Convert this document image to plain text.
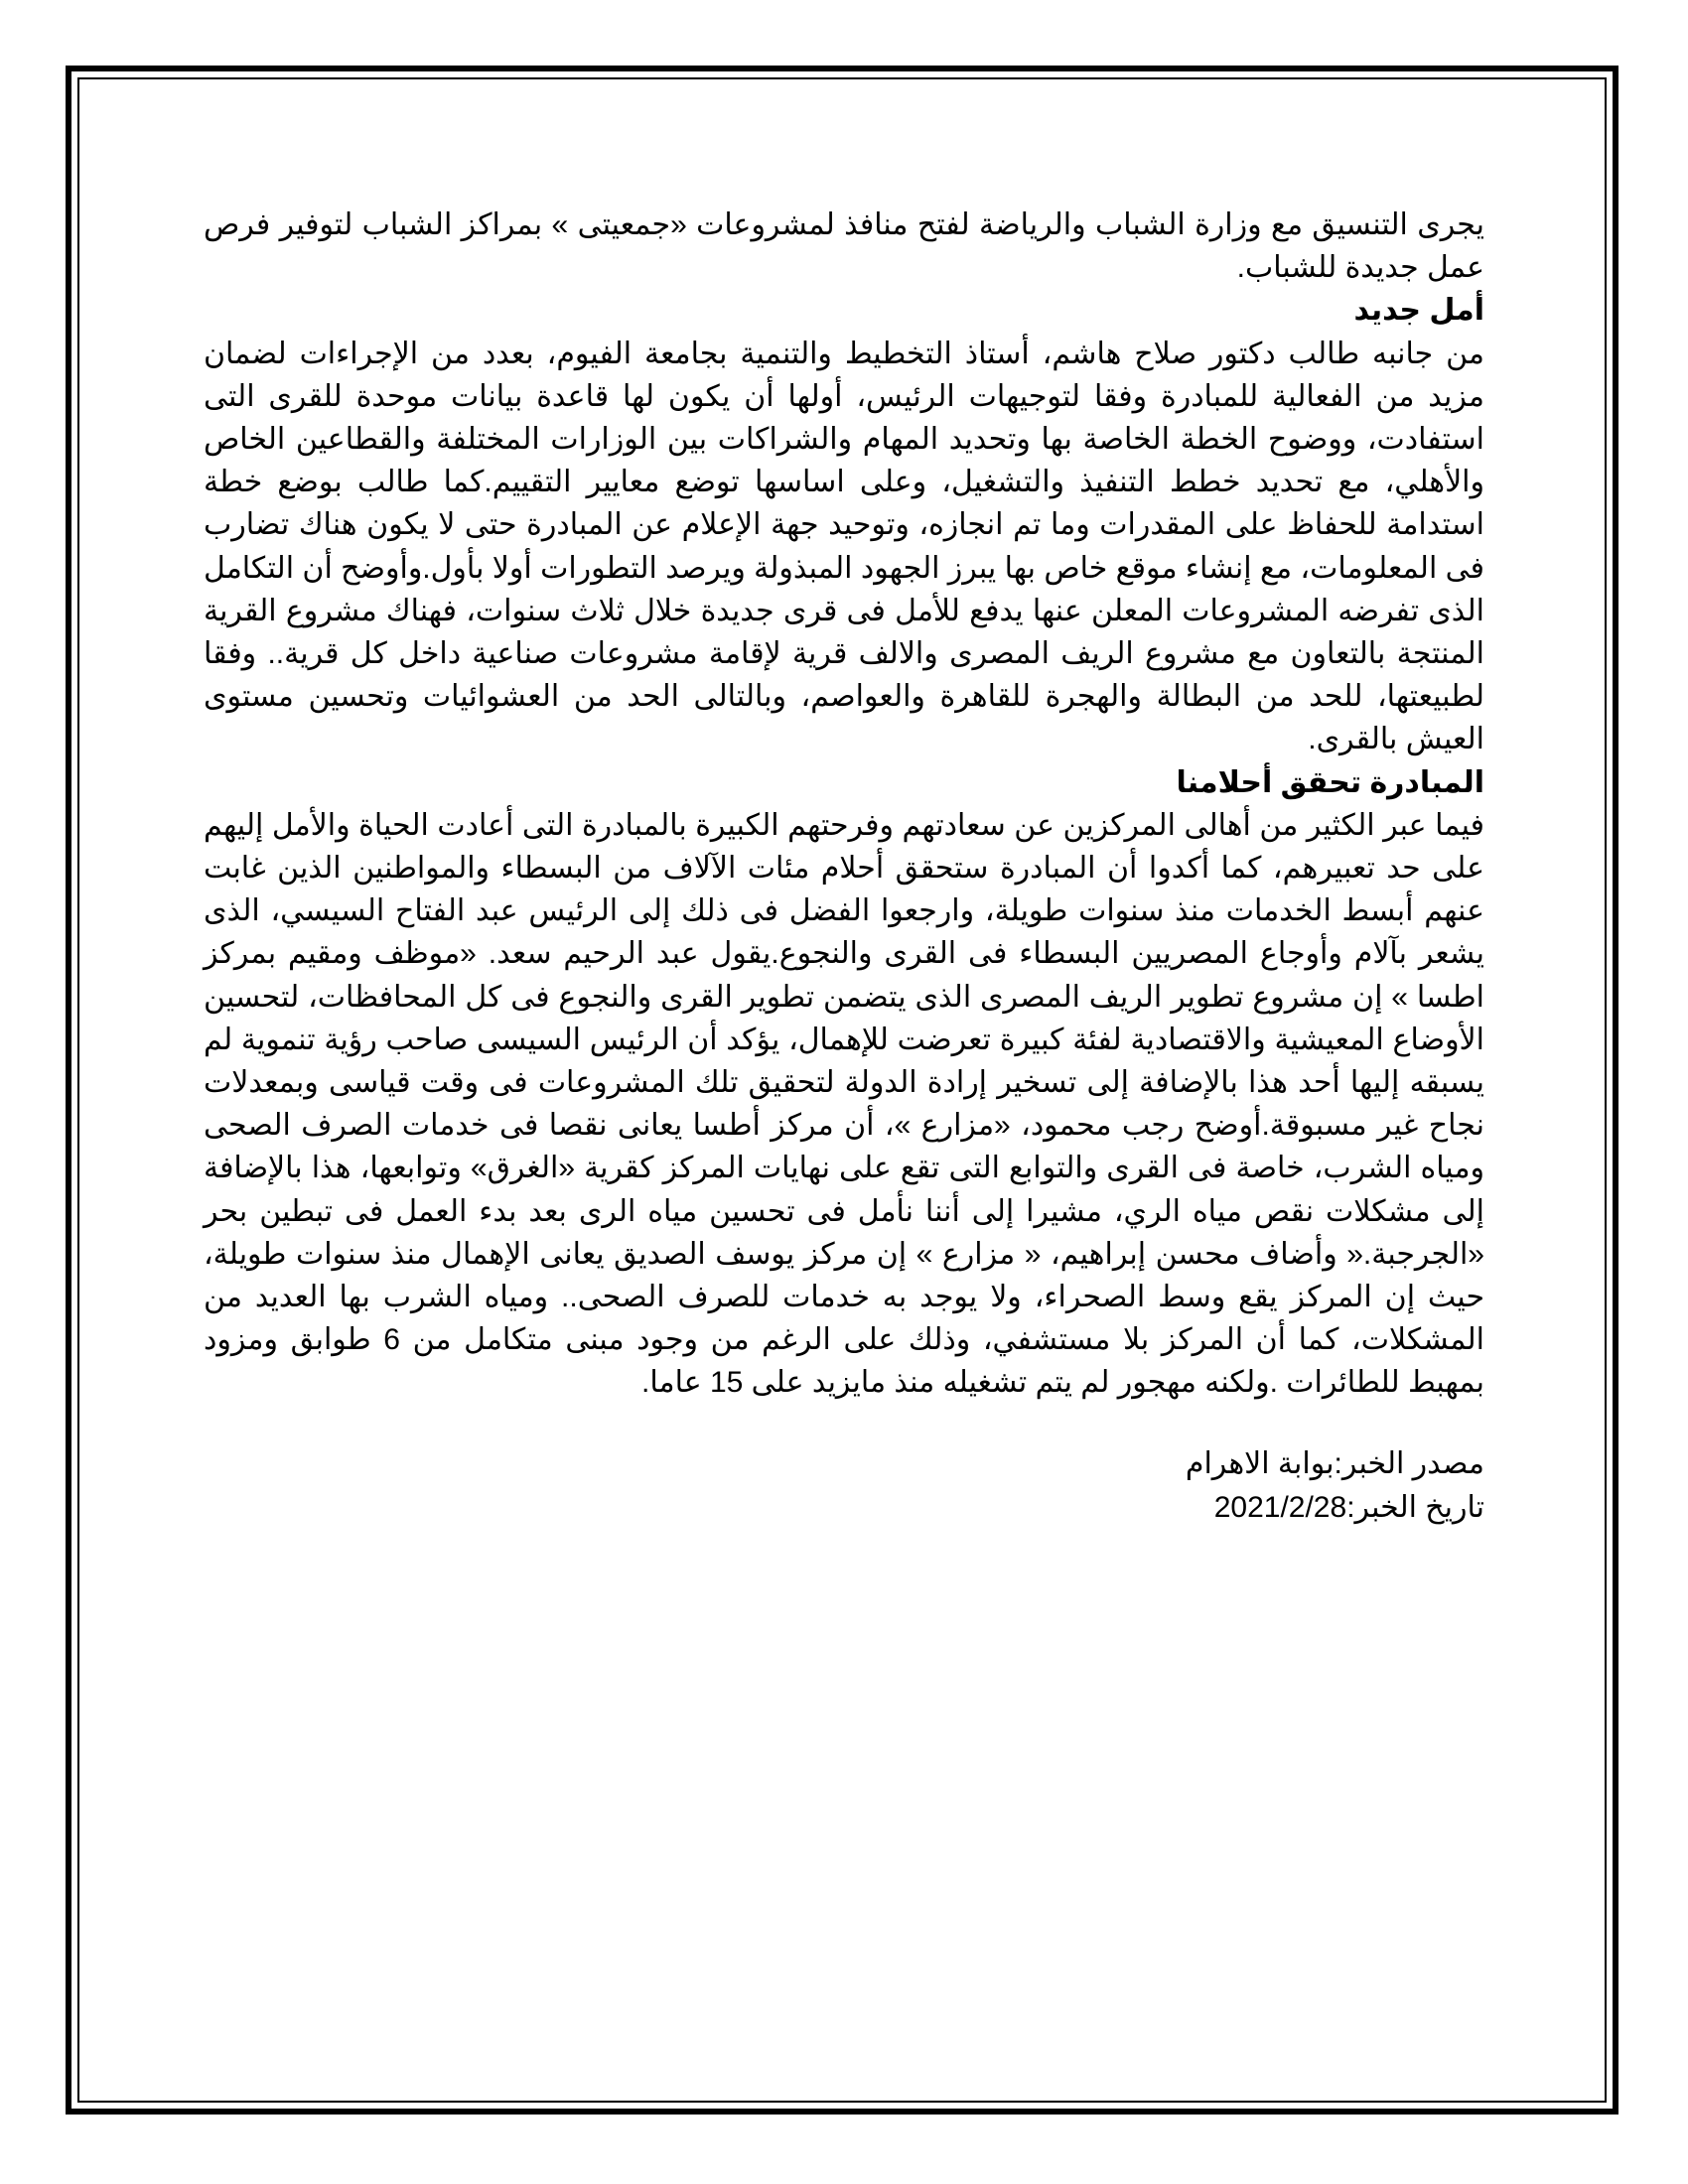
يجرى التنسيق مع وزارة الشباب والرياضة لفتح منافذ لمشروعات «جمعيتى » بمراكز الشباب لتوفير فرص عمل جديدة للشباب.

أمل جديد

من جانبه طالب دكتور صلاح هاشم، أستاذ التخطيط والتنمية بجامعة الفيوم، بعدد من الإجراءات لضمان مزيد من الفعالية للمبادرة وفقا لتوجيهات الرئيس، أولها أن يكون لها قاعدة بيانات موحدة للقرى التى استفادت، ووضوح الخطة الخاصة بها وتحديد المهام والشراكات بين الوزارات المختلفة والقطاعين الخاص والأهلي، مع تحديد خطط التنفيذ والتشغيل، وعلى اساسها توضع معايير التقييم.كما طالب بوضع خطة استدامة للحفاظ على المقدرات وما تم انجازه، وتوحيد جهة الإعلام عن المبادرة حتى لا يكون هناك تضارب فى المعلومات، مع إنشاء موقع خاص بها يبرز الجهود المبذولة ويرصد التطورات أولا بأول.وأوضح أن التكامل الذى تفرضه المشروعات المعلن عنها يدفع للأمل فى قرى جديدة خلال ثلاث سنوات، فهناك مشروع القرية المنتجة بالتعاون مع مشروع الريف المصرى والالف قرية لإقامة مشروعات صناعية داخل كل قرية.. وفقا لطبيعتها، للحد من البطالة والهجرة للقاهرة والعواصم، وبالتالى الحد من العشوائيات وتحسين مستوى العيش بالقرى.

المبادرة تحقق أحلامنا

فيما عبر الكثير من أهالى المركزين عن سعادتهم وفرحتهم الكبيرة بالمبادرة التى أعادت الحياة والأمل إليهم على حد تعبيرهم، كما أكدوا أن المبادرة ستحقق أحلام مئات الآلاف من البسطاء والمواطنين الذين غابت عنهم أبسط الخدمات منذ سنوات طويلة، وارجعوا الفضل فى ذلك إلى الرئيس عبد الفتاح السيسي، الذى يشعر بآلام وأوجاع المصريين البسطاء فى القرى والنجوع.يقول عبد الرحيم سعد. «موظف ومقيم بمركز اطسا » إن مشروع تطوير الريف المصرى الذى يتضمن تطوير القرى والنجوع فى كل المحافظات، لتحسين الأوضاع المعيشية والاقتصادية لفئة كبيرة تعرضت للإهمال، يؤكد أن الرئيس السيسى صاحب رؤية تنموية لم يسبقه إليها أحد هذا بالإضافة إلى تسخير إرادة الدولة لتحقيق تلك المشروعات فى وقت قياسى وبمعدلات نجاح غير مسبوقة.أوضح رجب محمود، «مزارع »، أن مركز أطسا يعانى نقصا فى خدمات الصرف الصحى ومياه الشرب، خاصة فى القرى والتوابع التى تقع على نهايات المركز كقرية «الغرق» وتوابعها، هذا بالإضافة إلى مشكلات نقص مياه الري، مشيرا إلى أننا نأمل فى تحسين مياه الرى بعد بدء العمل فى تبطين بحر «الجرجبة.« وأضاف محسن إبراهيم، « مزارع » إن مركز يوسف الصديق يعانى الإهمال منذ سنوات طويلة، حيث إن المركز يقع وسط الصحراء، ولا يوجد به خدمات للصرف الصحى.. ومياه الشرب بها العديد من المشكلات، كما أن المركز بلا مستشفي، وذلك على الرغم من وجود مبنى متكامل من 6 طوابق ومزود بمهبط للطائرات .ولكنه مهجور لم يتم تشغيله منذ مايزيد على 15 عاما.

مصدر الخبر:بوابة الاهرام
تاريخ الخبر:2021/2/28
